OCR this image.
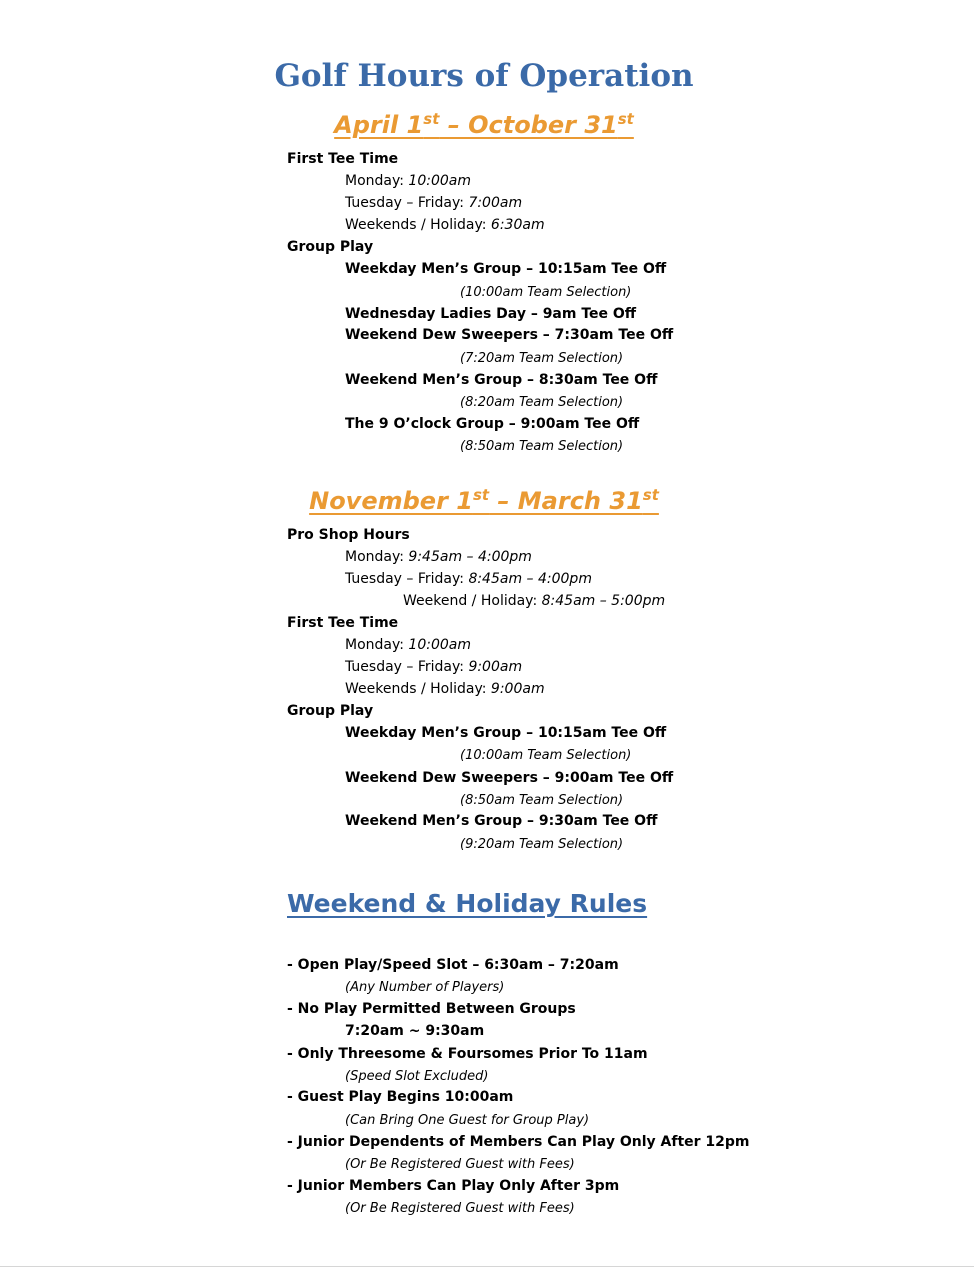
Golf Hours of Operation
April 1st – October 31st
First Tee Time
Monday: 10:00am
Tuesday – Friday: 7:00am
Weekends / Holiday: 6:30am
Group Play
Weekday Men’s Group – 10:15am Tee Off
(10:00am Team Selection)
Wednesday Ladies Day – 9am Tee Off
Weekend Dew Sweepers – 7:30am Tee Off
(7:20am Team Selection)
Weekend Men’s Group – 8:30am Tee Off
(8:20am Team Selection)
The 9 O’clock Group – 9:00am Tee Off
(8:50am Team Selection)
November 1st – March 31st
Pro Shop Hours
Monday: 9:45am – 4:00pm
Tuesday – Friday: 8:45am – 4:00pm
Weekend / Holiday: 8:45am – 5:00pm
First Tee Time
Monday: 10:00am
Tuesday – Friday: 9:00am
Weekends / Holiday: 9:00am
Group Play
Weekday Men’s Group – 10:15am Tee Off
(10:00am Team Selection)
Weekend Dew Sweepers – 9:00am Tee Off
(8:50am Team Selection)
Weekend Men’s Group – 9:30am Tee Off
(9:20am Team Selection)
Weekend & Holiday Rules
- Open Play/Speed Slot – 6:30am – 7:20am
(Any Number of Players)
- No Play Permitted Between Groups
7:20am ~ 9:30am
- Only Threesome & Foursomes Prior To 11am
(Speed Slot Excluded)
- Guest Play Begins 10:00am
(Can Bring One Guest for Group Play)
- Junior Dependents of Members Can Play Only After 12pm
(Or Be Registered Guest with Fees)
- Junior Members Can Play Only After 3pm
(Or Be Registered Guest with Fees)
